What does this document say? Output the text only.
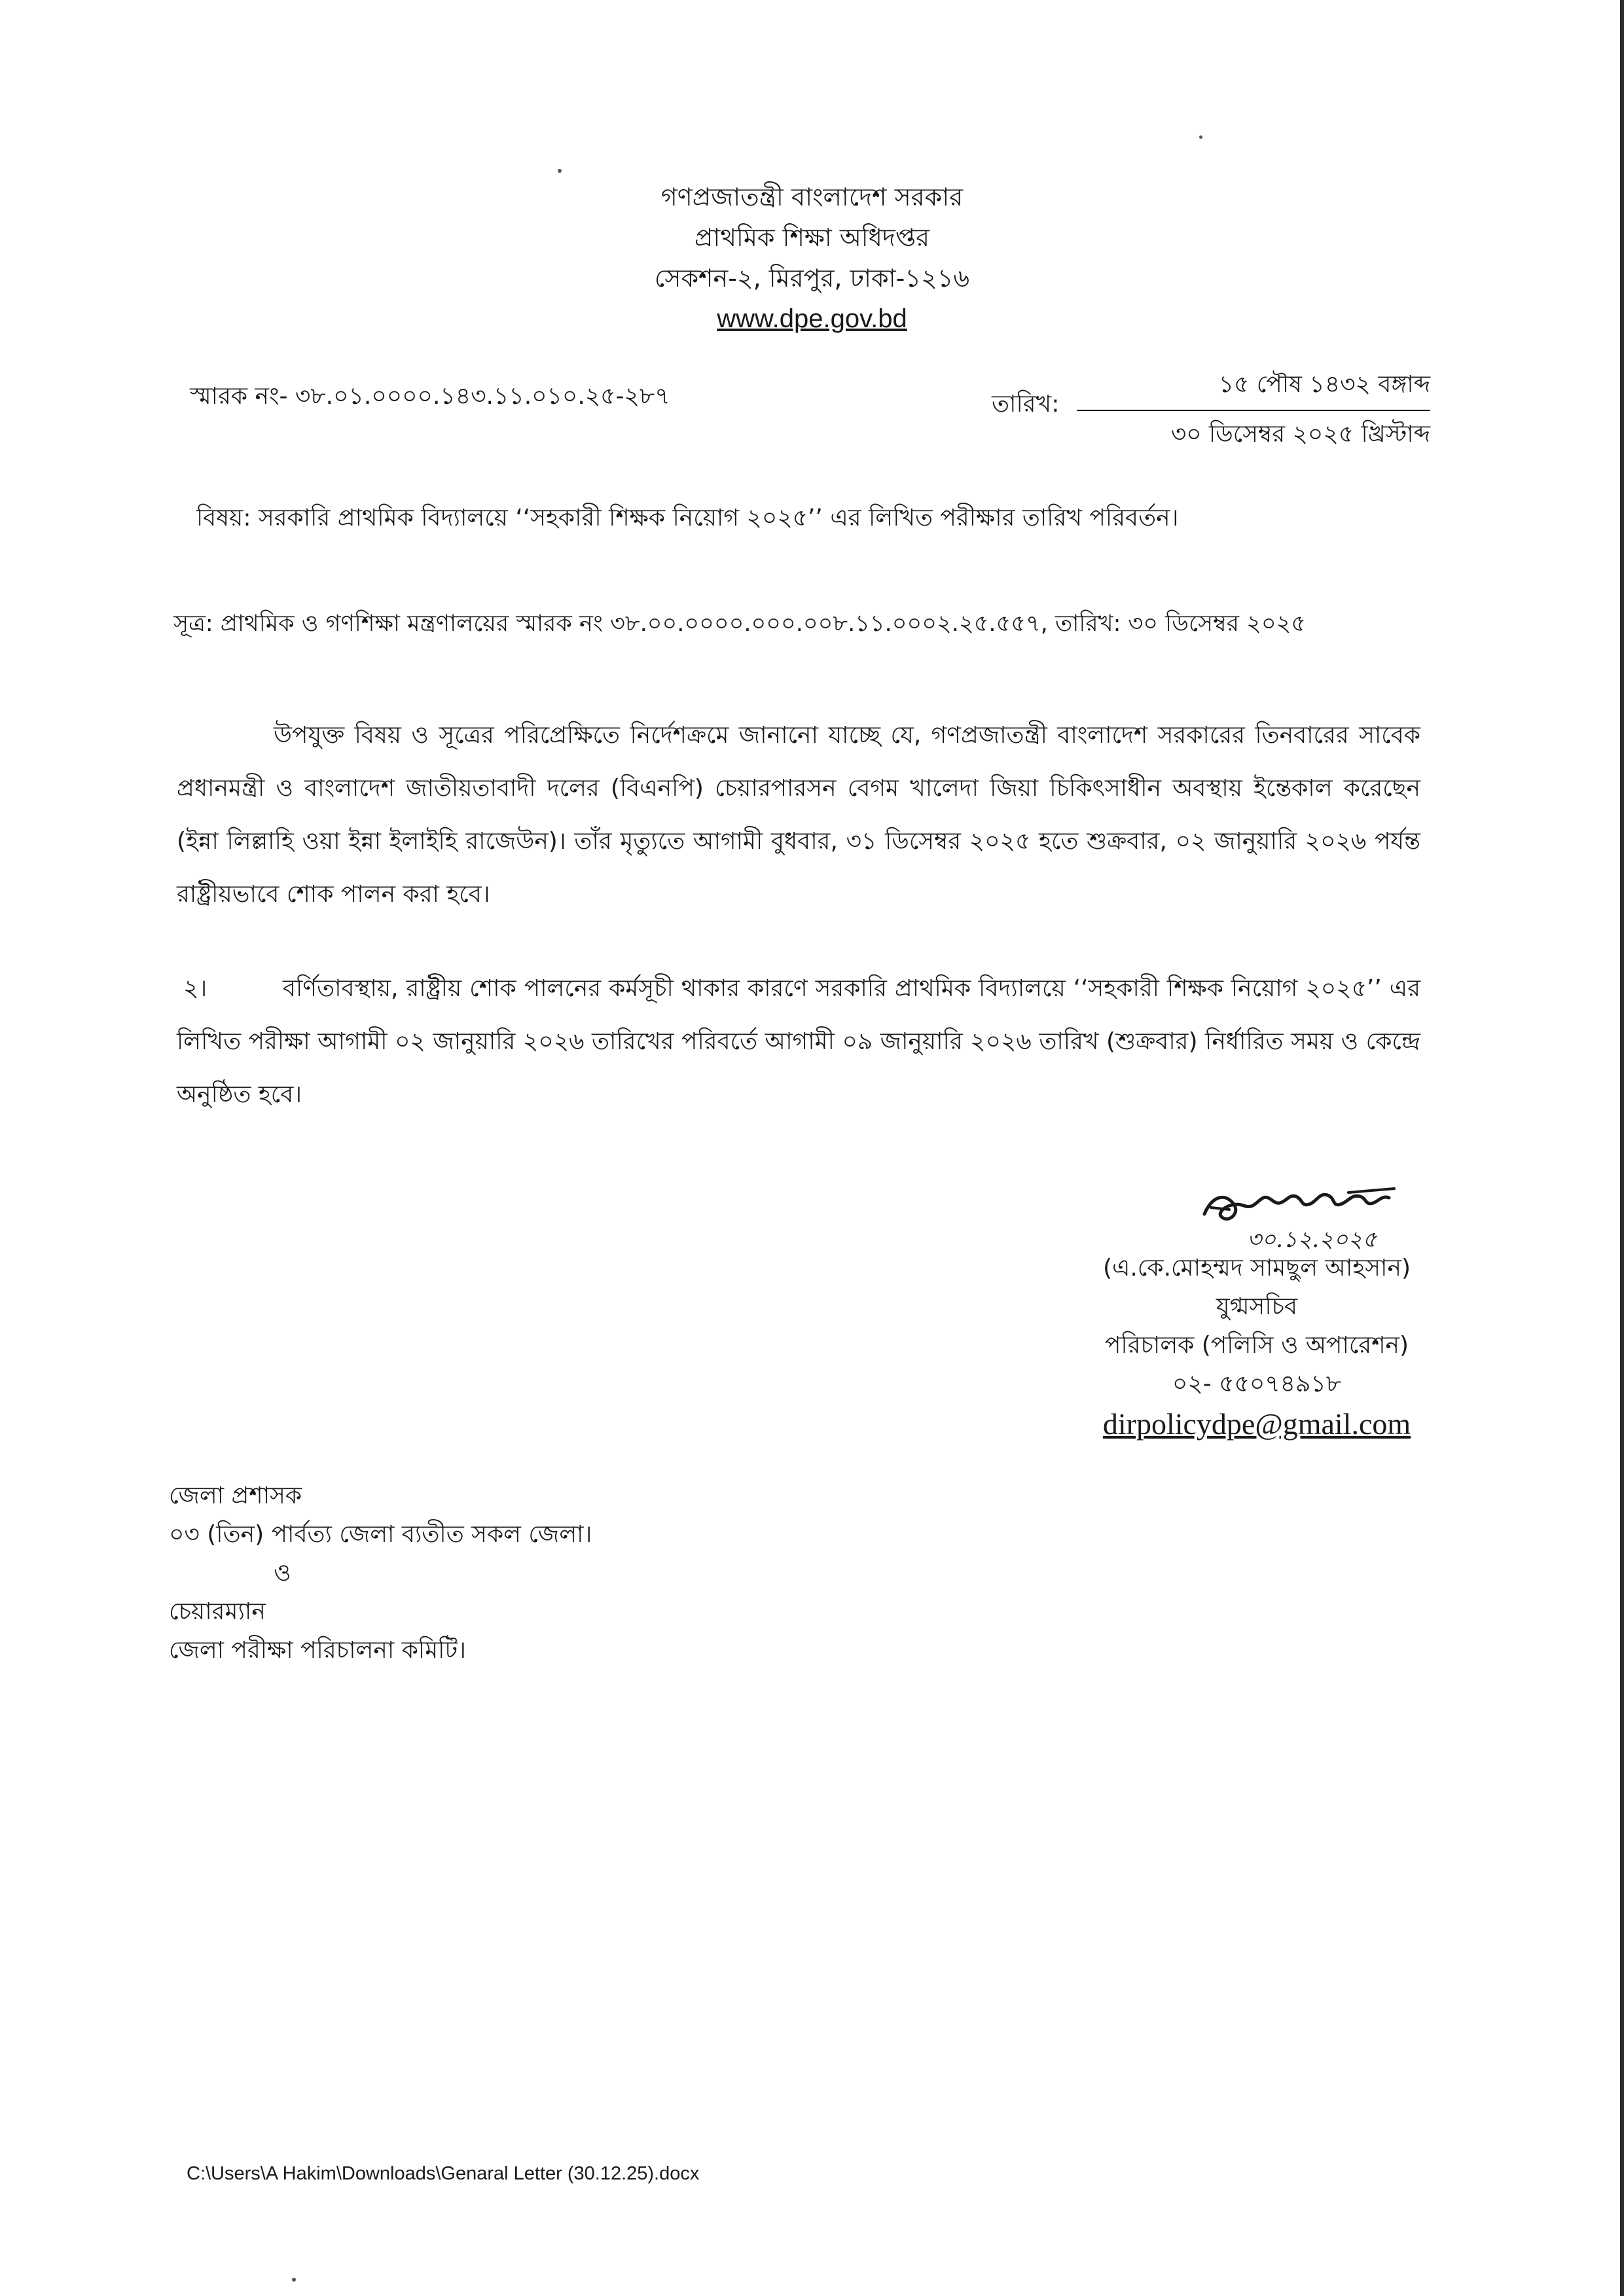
গণপ্রজাতন্ত্রী বাংলাদেশ সরকার
প্রাথমিক শিক্ষা অধিদপ্তর
সেকশন-২, মিরপুর, ঢাকা-১২১৬
www.dpe.gov.bd
স্মারক নং- ৩৮.০১.০০০০.১৪৩.১১.০১০.২৫-২৮৭	তারিখ:
১৫ পৌষ ১৪৩২ বঙ্গাব্দ
৩০ ডিসেম্বর ২০২৫ খ্রিস্টাব্দ
বিষয়: সরকারি প্রাথমিক বিদ্যালয়ে ‘‘সহকারী শিক্ষক নিয়োগ ২০২৫’’ এর লিখিত পরীক্ষার তারিখ পরিবর্তন।
সূত্র: প্রাথমিক ও গণশিক্ষা মন্ত্রণালয়ের স্মারক নং ৩৮.০০.০০০০.০০০.০০৮.১১.০০০২.২৫.৫৫৭, তারিখ: ৩০ ডিসেম্বর ২০২৫
উপযুক্ত বিষয় ও সূত্রের পরিপ্রেক্ষিতে নির্দেশক্রমে জানানো যাচ্ছে যে, গণপ্রজাতন্ত্রী বাংলাদেশ সরকারের তিনবারের সাবেক প্রধানমন্ত্রী ও বাংলাদেশ জাতীয়তাবাদী দলের (বিএনপি) চেয়ারপারসন বেগম খালেদা জিয়া চিকিৎসাধীন অবস্থায় ইন্তেকাল করেছেন (ইন্না লিল্লাহি ওয়া ইন্না ইলাইহি রাজেউন)। তাঁর মৃত্যুতে আগামী বুধবার, ৩১ ডিসেম্বর ২০২৫ হতে শুক্রবার, ০২ জানুয়ারি ২০২৬ পর্যন্ত রাষ্ট্রীয়ভাবে শোক পালন করা হবে।
২।	বর্ণিতাবস্থায়, রাষ্ট্রীয় শোক পালনের কর্মসূচী থাকার কারণে সরকারি প্রাথমিক বিদ্যালয়ে ‘‘সহকারী শিক্ষক নিয়োগ ২০২৫’’ এর লিখিত পরীক্ষা আগামী ০২ জানুয়ারি ২০২৬ তারিখের পরিবর্তে আগামী ০৯ জানুয়ারি ২০২৬ তারিখ (শুক্রবার) নির্ধারিত সময় ও কেন্দ্রে অনুষ্ঠিত হবে।
৩০.১২.২০২৫
(এ.কে.মোহম্মদ সামছুল আহসান)
যুগ্মসচিব
পরিচালক (পলিসি ও অপারেশন)
০২- ৫৫০৭৪৯১৮
dirpolicydpe@gmail.com
জেলা প্রশাসক
০৩ (তিন) পার্বত্য জেলা ব্যতীত সকল জেলা।
ও
চেয়ারম্যান
জেলা পরীক্ষা পরিচালনা কমিটি।
C:\Users\A Hakim\Downloads\Genaral Letter (30.12.25).docx
